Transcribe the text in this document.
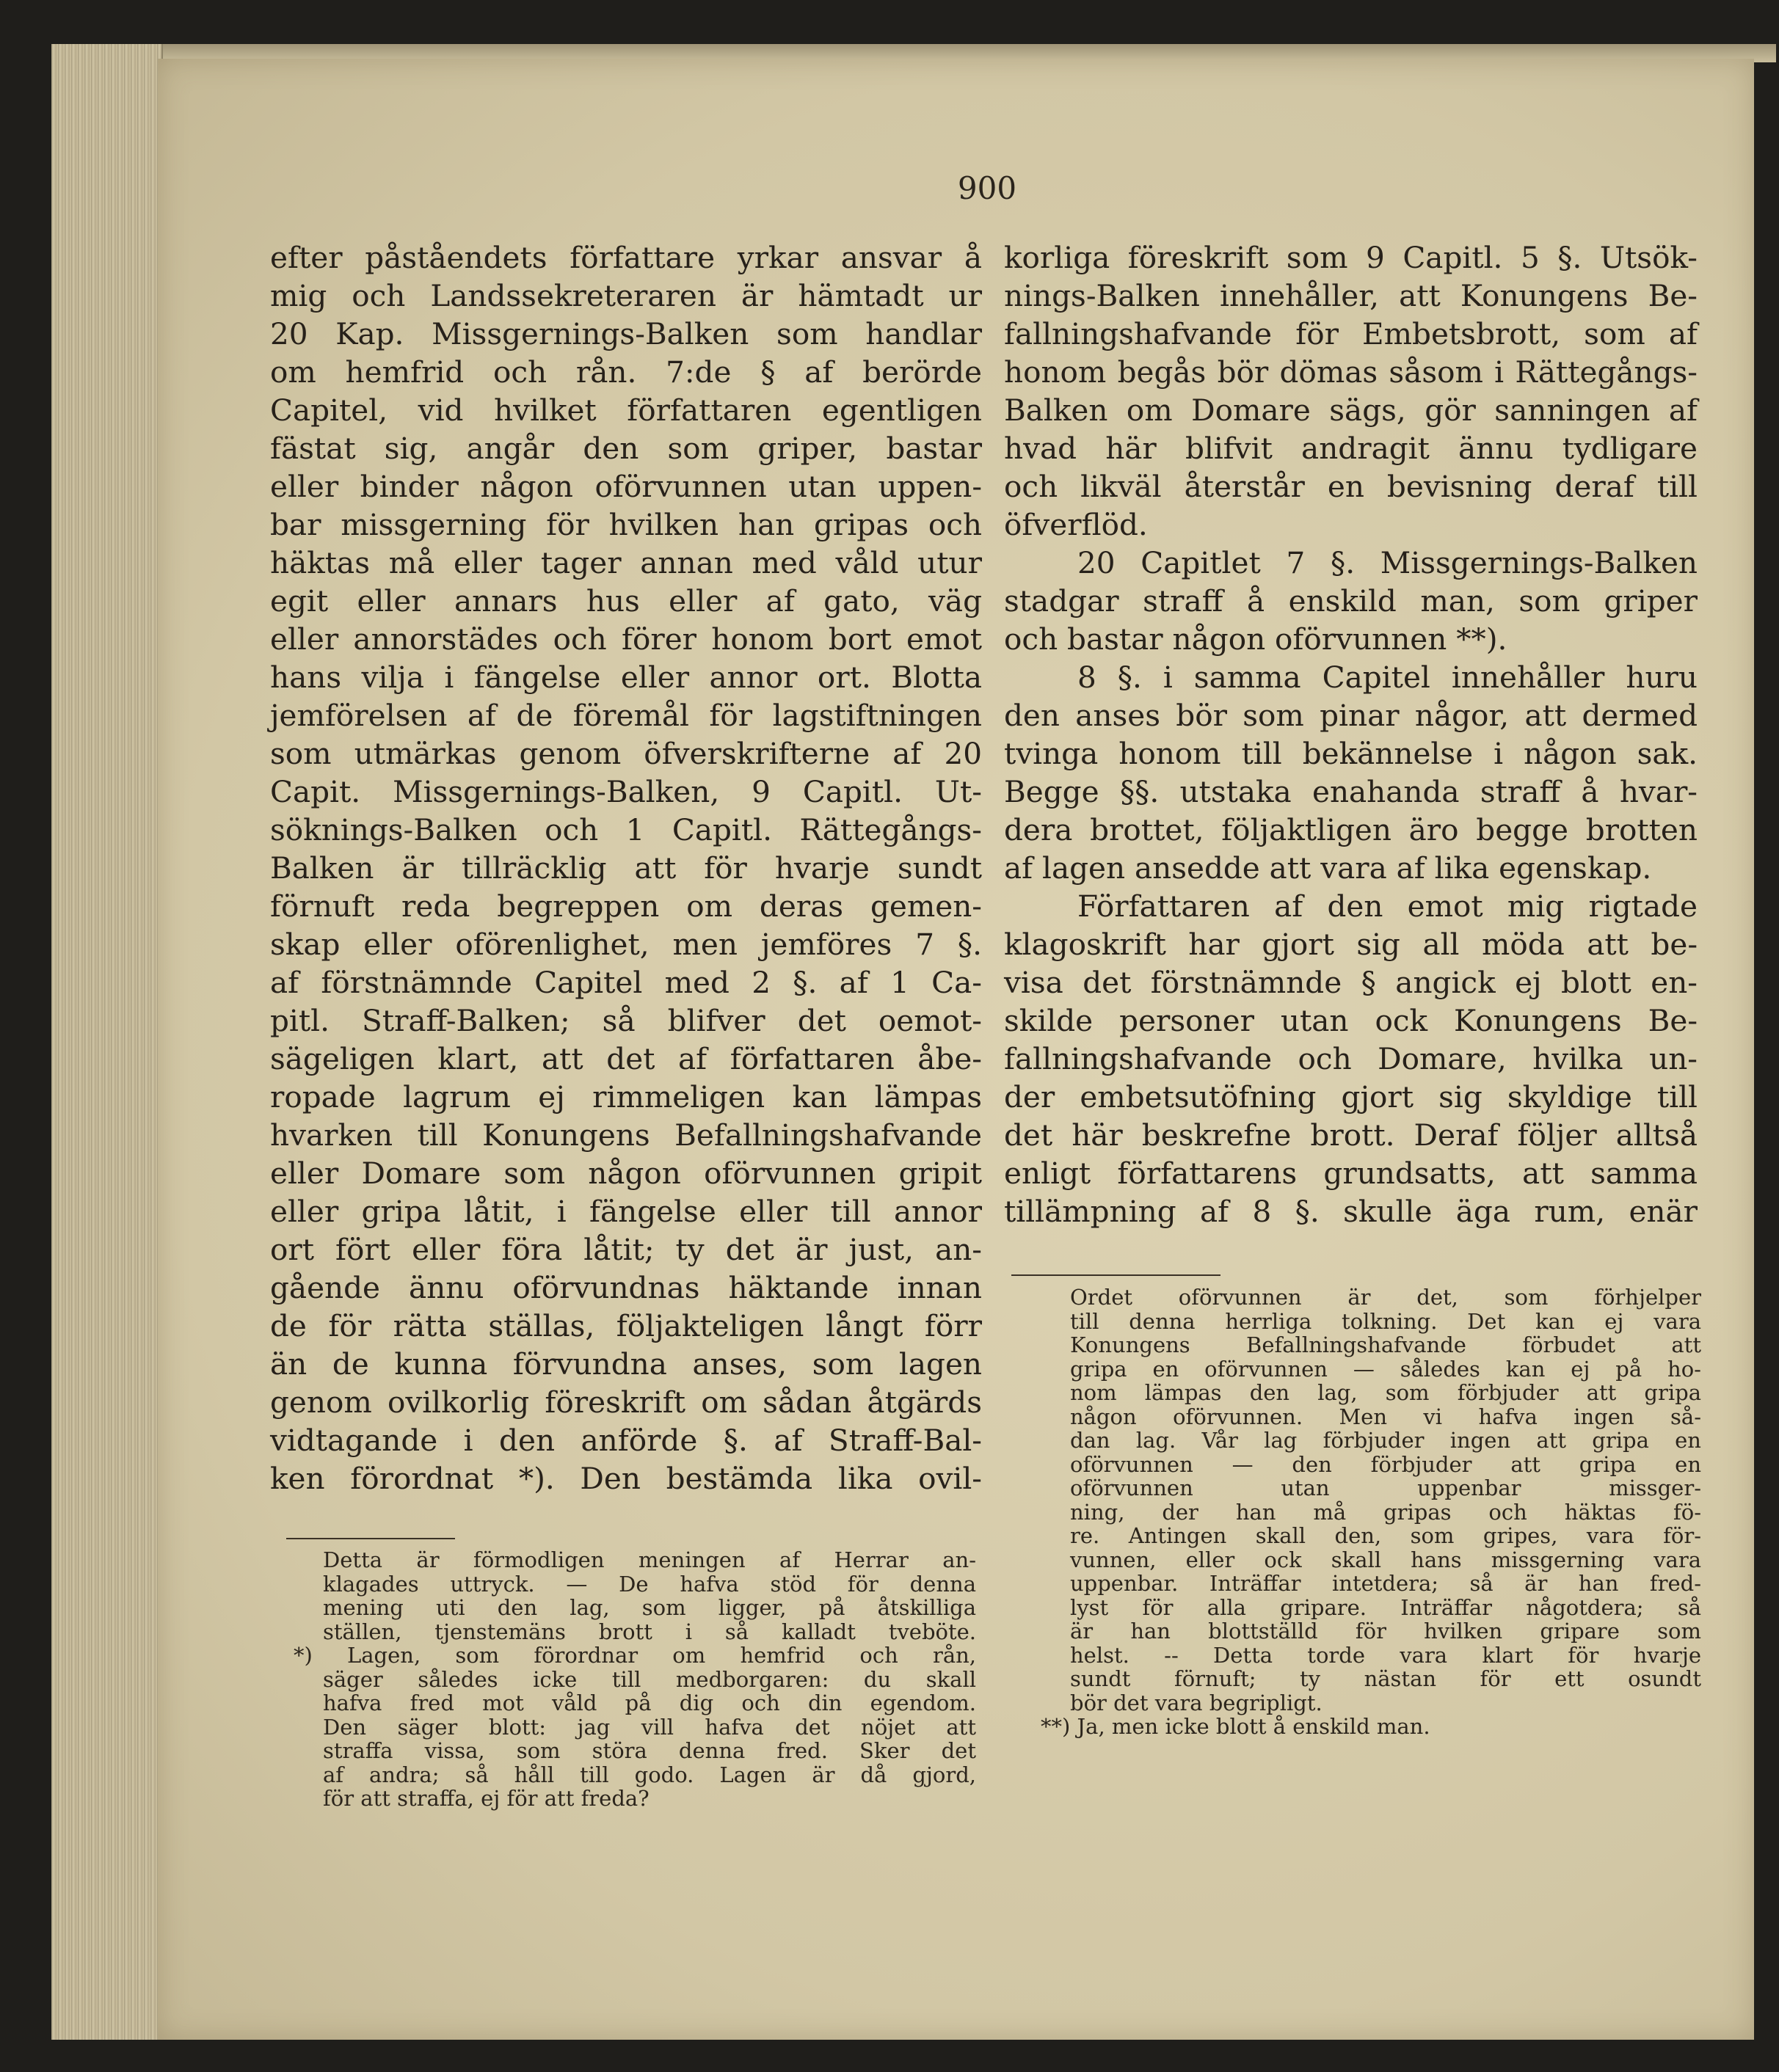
900
efter påståendets författare yrkar ansvar å
mig och Landssekreteraren är hämtadt ur
20 Kap. Missgernings-Balken som handlar
om hemfrid och rån. 7:de § af berörde
Capitel, vid hvilket författaren egentligen
fästat sig, angår den som griper, bastar
eller binder någon oförvunnen utan uppen-
bar missgerning för hvilken han gripas och
häktas må eller tager annan med våld utur
egit eller annars hus eller af gato, väg
eller annorstädes och förer honom bort emot
hans vilja i fängelse eller annor ort. Blotta
jemförelsen af de föremål för lagstiftningen
som utmärkas genom öfverskrifterne af 20
Capit. Missgernings-Balken, 9 Capitl. Ut-
söknings-Balken och 1 Capitl. Rättegångs-
Balken är tillräcklig att för hvarje sundt
förnuft reda begreppen om deras gemen-
skap eller oförenlighet, men jemföres 7 §.
af förstnämnde Capitel med 2 §. af 1 Ca-
pitl. Straff-Balken; så blifver det oemot-
sägeligen klart, att det af författaren åbe-
ropade lagrum ej rimmeligen kan lämpas
hvarken till Konungens Befallningshafvande
eller Domare som någon oförvunnen gripit
eller gripa låtit, i fängelse eller till annor
ort fört eller föra låtit; ty det är just, an-
gående ännu oförvundnas häktande innan
de för rätta ställas, följakteligen långt förr
än de kunna förvundna anses, som lagen
genom ovilkorlig föreskrift om sådan åtgärds
vidtagande i den anförde §. af Straff-Bal-
ken förordnat *). Den bestämda lika ovil-
korliga föreskrift som 9 Capitl. 5 §. Utsök-
nings-Balken innehåller, att Konungens Be-
fallningshafvande för Embetsbrott, som af
honom begås bör dömas såsom i Rättegångs-
Balken om Domare sägs, gör sanningen af
hvad här blifvit andragit ännu tydligare
och likväl återstår en bevisning deraf till
öfverflöd.
20 Capitlet 7 §. Missgernings-Balken
stadgar straff å enskild man, som griper
och bastar någon oförvunnen **).
8 §. i samma Capitel innehåller huru
den anses bör som pinar någor, att dermed
tvinga honom till bekännelse i någon sak.
Begge §§. utstaka enahanda straff å hvar-
dera brottet, följaktligen äro begge brotten
af lagen ansedde att vara af lika egenskap.
Författaren af den emot mig rigtade
klagoskrift har gjort sig all möda att be-
visa det förstnämnde § angick ej blott en-
skilde personer utan ock Konungens Be-
fallningshafvande och Domare, hvilka un-
der embetsutöfning gjort sig skyldige till
det här beskrefne brott. Deraf följer alltså
enligt författarens grundsatts, att samma
tillämpning af 8 §. skulle äga rum, enär
Detta är förmodligen meningen af Herrar an-
klagades uttryck. — De hafva stöd för denna
mening uti den lag, som ligger, på åtskilliga
ställen, tjenstemäns brott i så kalladt tveböte.
*) Lagen, som förordnar om hemfrid och rån,
säger således icke till medborgaren: du skall
hafva fred mot våld på dig och din egendom.
Den säger blott: jag vill hafva det nöjet att
straffa vissa, som störa denna fred. Sker det
af andra; så håll till godo. Lagen är då gjord,
för att straffa, ej för att freda?
Ordet oförvunnen är det, som förhjelper
till denna herrliga tolkning. Det kan ej vara
Konungens Befallningshafvande förbudet att
gripa en oförvunnen — således kan ej på ho-
nom lämpas den lag, som förbjuder att gripa
någon oförvunnen. Men vi hafva ingen så-
dan lag. Vår lag förbjuder ingen att gripa en
oförvunnen — den förbjuder att gripa en
oförvunnen utan uppenbar missger-
ning, der han må gripas och häktas fö-
re. Antingen skall den, som gripes, vara för-
vunnen, eller ock skall hans missgerning vara
uppenbar. Inträffar intetdera; så är han fred-
lyst för alla gripare. Inträffar någotdera; så
är han blottställd för hvilken gripare som
helst. -- Detta torde vara klart för hvarje
sundt förnuft; ty nästan för ett osundt
bör det vara begripligt.
**) Ja, men icke blott å enskild man.
